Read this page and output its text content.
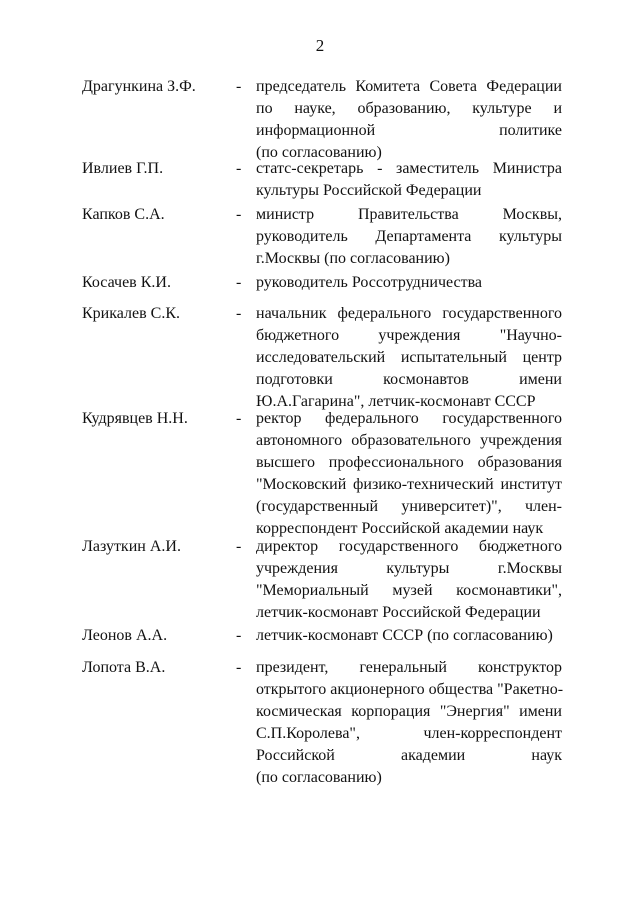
2
Драгункина З.Ф.	- председатель Комитета Совета Федерации
по науке, образованию, культуре и
информационной политике
(по согласованию)
Ивлиев Г.П.	- статс-секретарь - заместитель Министра
культуры Российской Федерации
Капков С.А.	- министр Правительства Москвы,
руководитель Департамента культуры
г.Москвы (по согласованию)
Косачев К.И.	- руководитель Россотрудничества
Крикалев С.К.	- начальник федерального государственного
бюджетного учреждения "Научно-
исследовательский испытательный центр
подготовки космонавтов имени
Ю.А.Гагарина", летчик-космонавт СССР
Кудрявцев Н.Н.	- ректор федерального государственного
автономного образовательного учреждения
высшего профессионального образования
"Московский физико-технический институт
(государственный университет)", член-
корреспондент Российской академии наук
Лазуткин А.И.	- директор государственного бюджетного
учреждения культуры г.Москвы
"Мемориальный музей космонавтики",
летчик-космонавт Российской Федерации
Леонов А.А.	- летчик-космонавт СССР (по согласованию)
Лопота В.А.	- президент, генеральный конструктор
открытого акционерного общества "Ракетно-
космическая корпорация "Энергия" имени
С.П.Королева", член-корреспондент
Российской академии наук
(по согласованию)
